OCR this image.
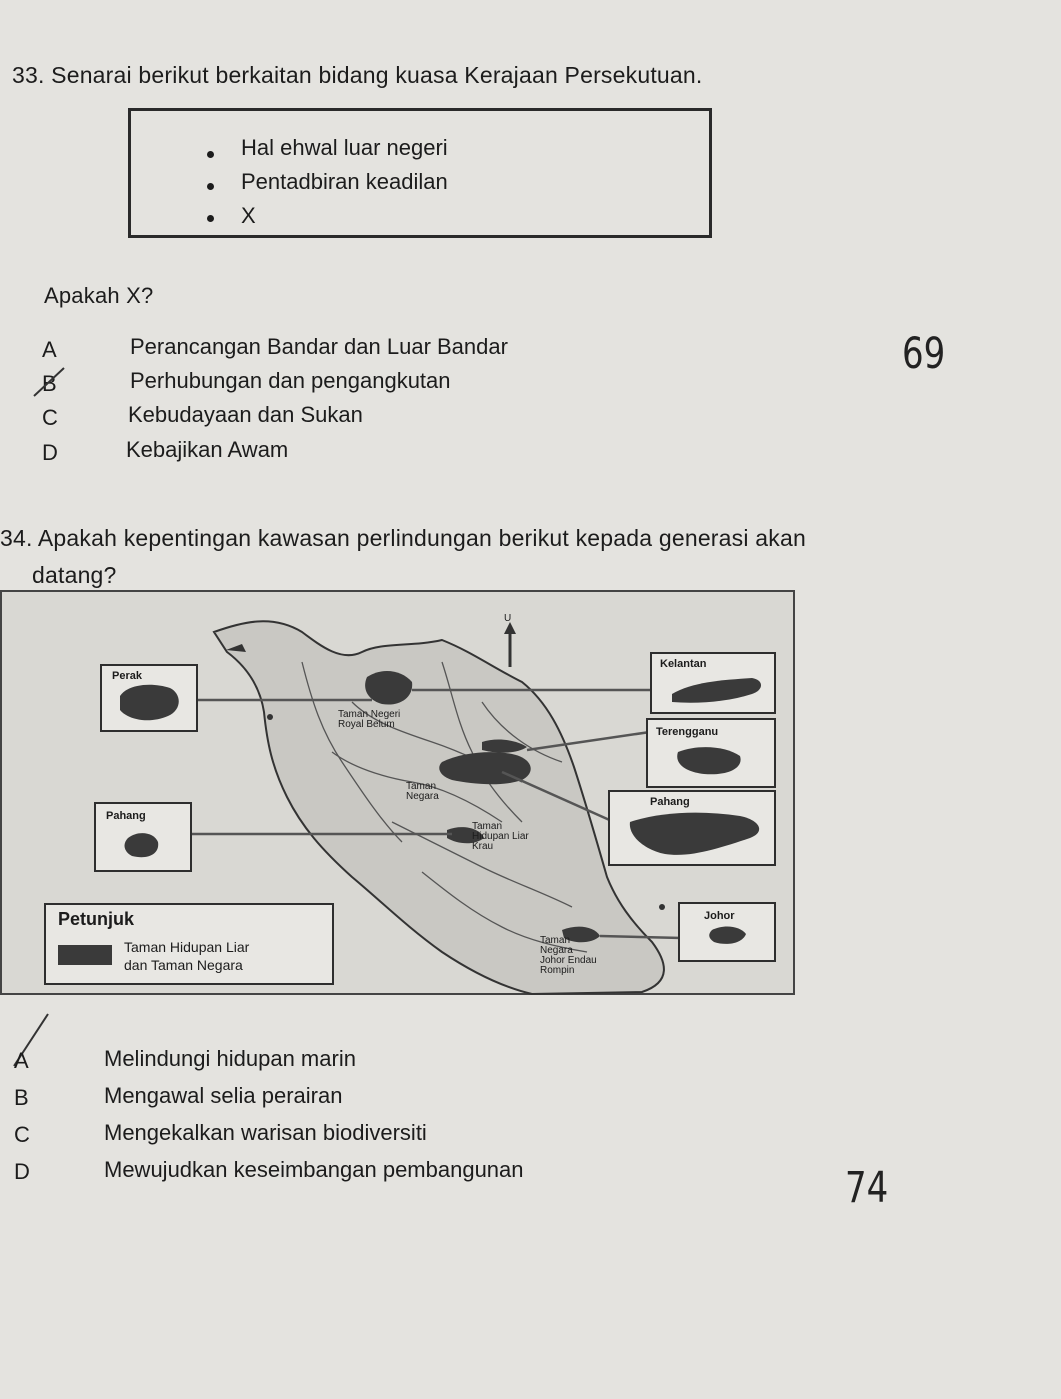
33. Senarai berikut berkaitan bidang kuasa Kerajaan Persekutuan.
Hal ehwal luar negeri
Pentadbiran keadilan
X
Apakah X?
A	Perancangan Bandar dan Luar Bandar
B	Perhubungan dan pengangkutan
C	Kebudayaan dan Sukan
D	Kebajikan Awam
69
34. Apakah kepentingan kawasan perlindungan berikut kepada generasi akan
datang?
U
Perak
Pahang
Kelantan
Terengganu
Pahang
Johor
Taman Negeri
Royal Belum
Taman
Negara
Taman
Hidupan Liar
Krau
Taman
Negara
Johor Endau
Rompin
Petunjuk
Taman Hidupan Liar
dan Taman Negara
A	Melindungi hidupan marin
B	Mengawal selia perairan
C	Mengekalkan warisan biodiversiti
D	Mewujudkan keseimbangan pembangunan	74
